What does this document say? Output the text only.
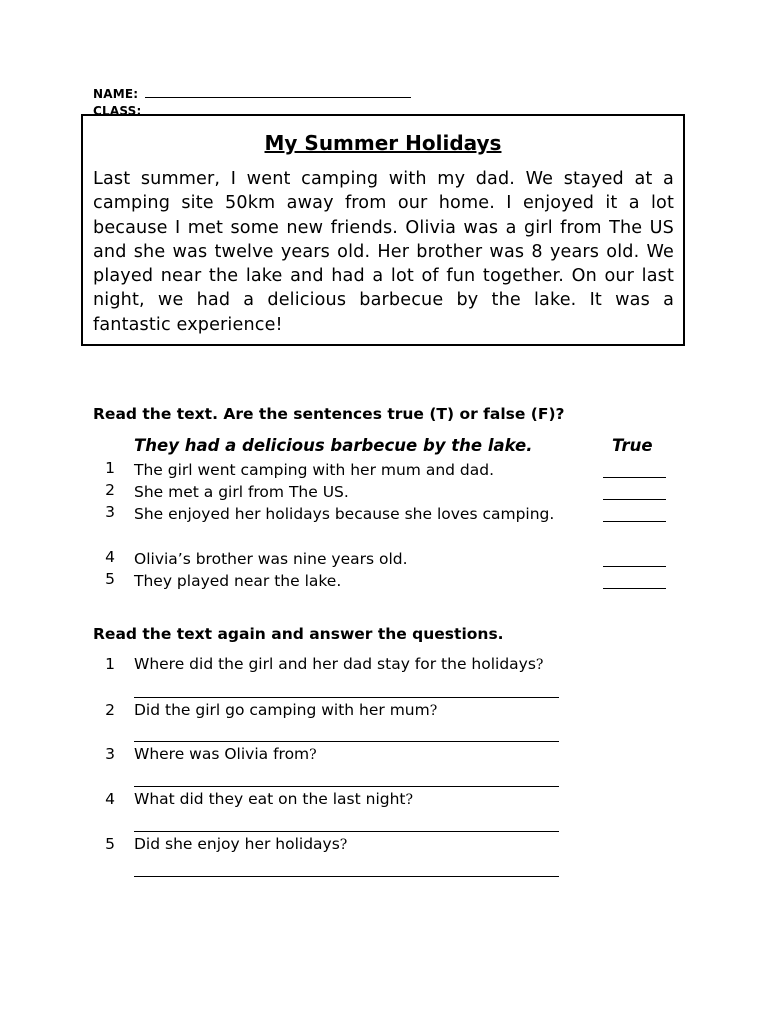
NAME:
CLASS:
Last summer, I went camping with my dad. We stayed at a camping site 50km away from our home. I enjoyed it a lot because I met some new friends. Olivia was a girl from The US and she was twelve years old. Her brother was 8 years old. We played near the lake and had a lot of fun together. On our last night, we had a delicious barbecue by the lake. It was a fantastic experience!
My Summer Holidays
Read the text. Are the sentences true (T) or false (F)?
They had a delicious barbecue by the lake.	True
1 The girl went camping with her mum and dad.
2 She met a girl from The US.
3 She enjoyed her holidays because she loves camping.
4 Olivia’s brother was nine years old.
5 They played near the lake.
Read the text again and answer the questions.
1 Where did the girl and her dad stay for the holidays?
2 Did the girl go camping with her mum?
3 Where was Olivia from?
4 What did they eat on the last night?
5 Did she enjoy her holidays?
